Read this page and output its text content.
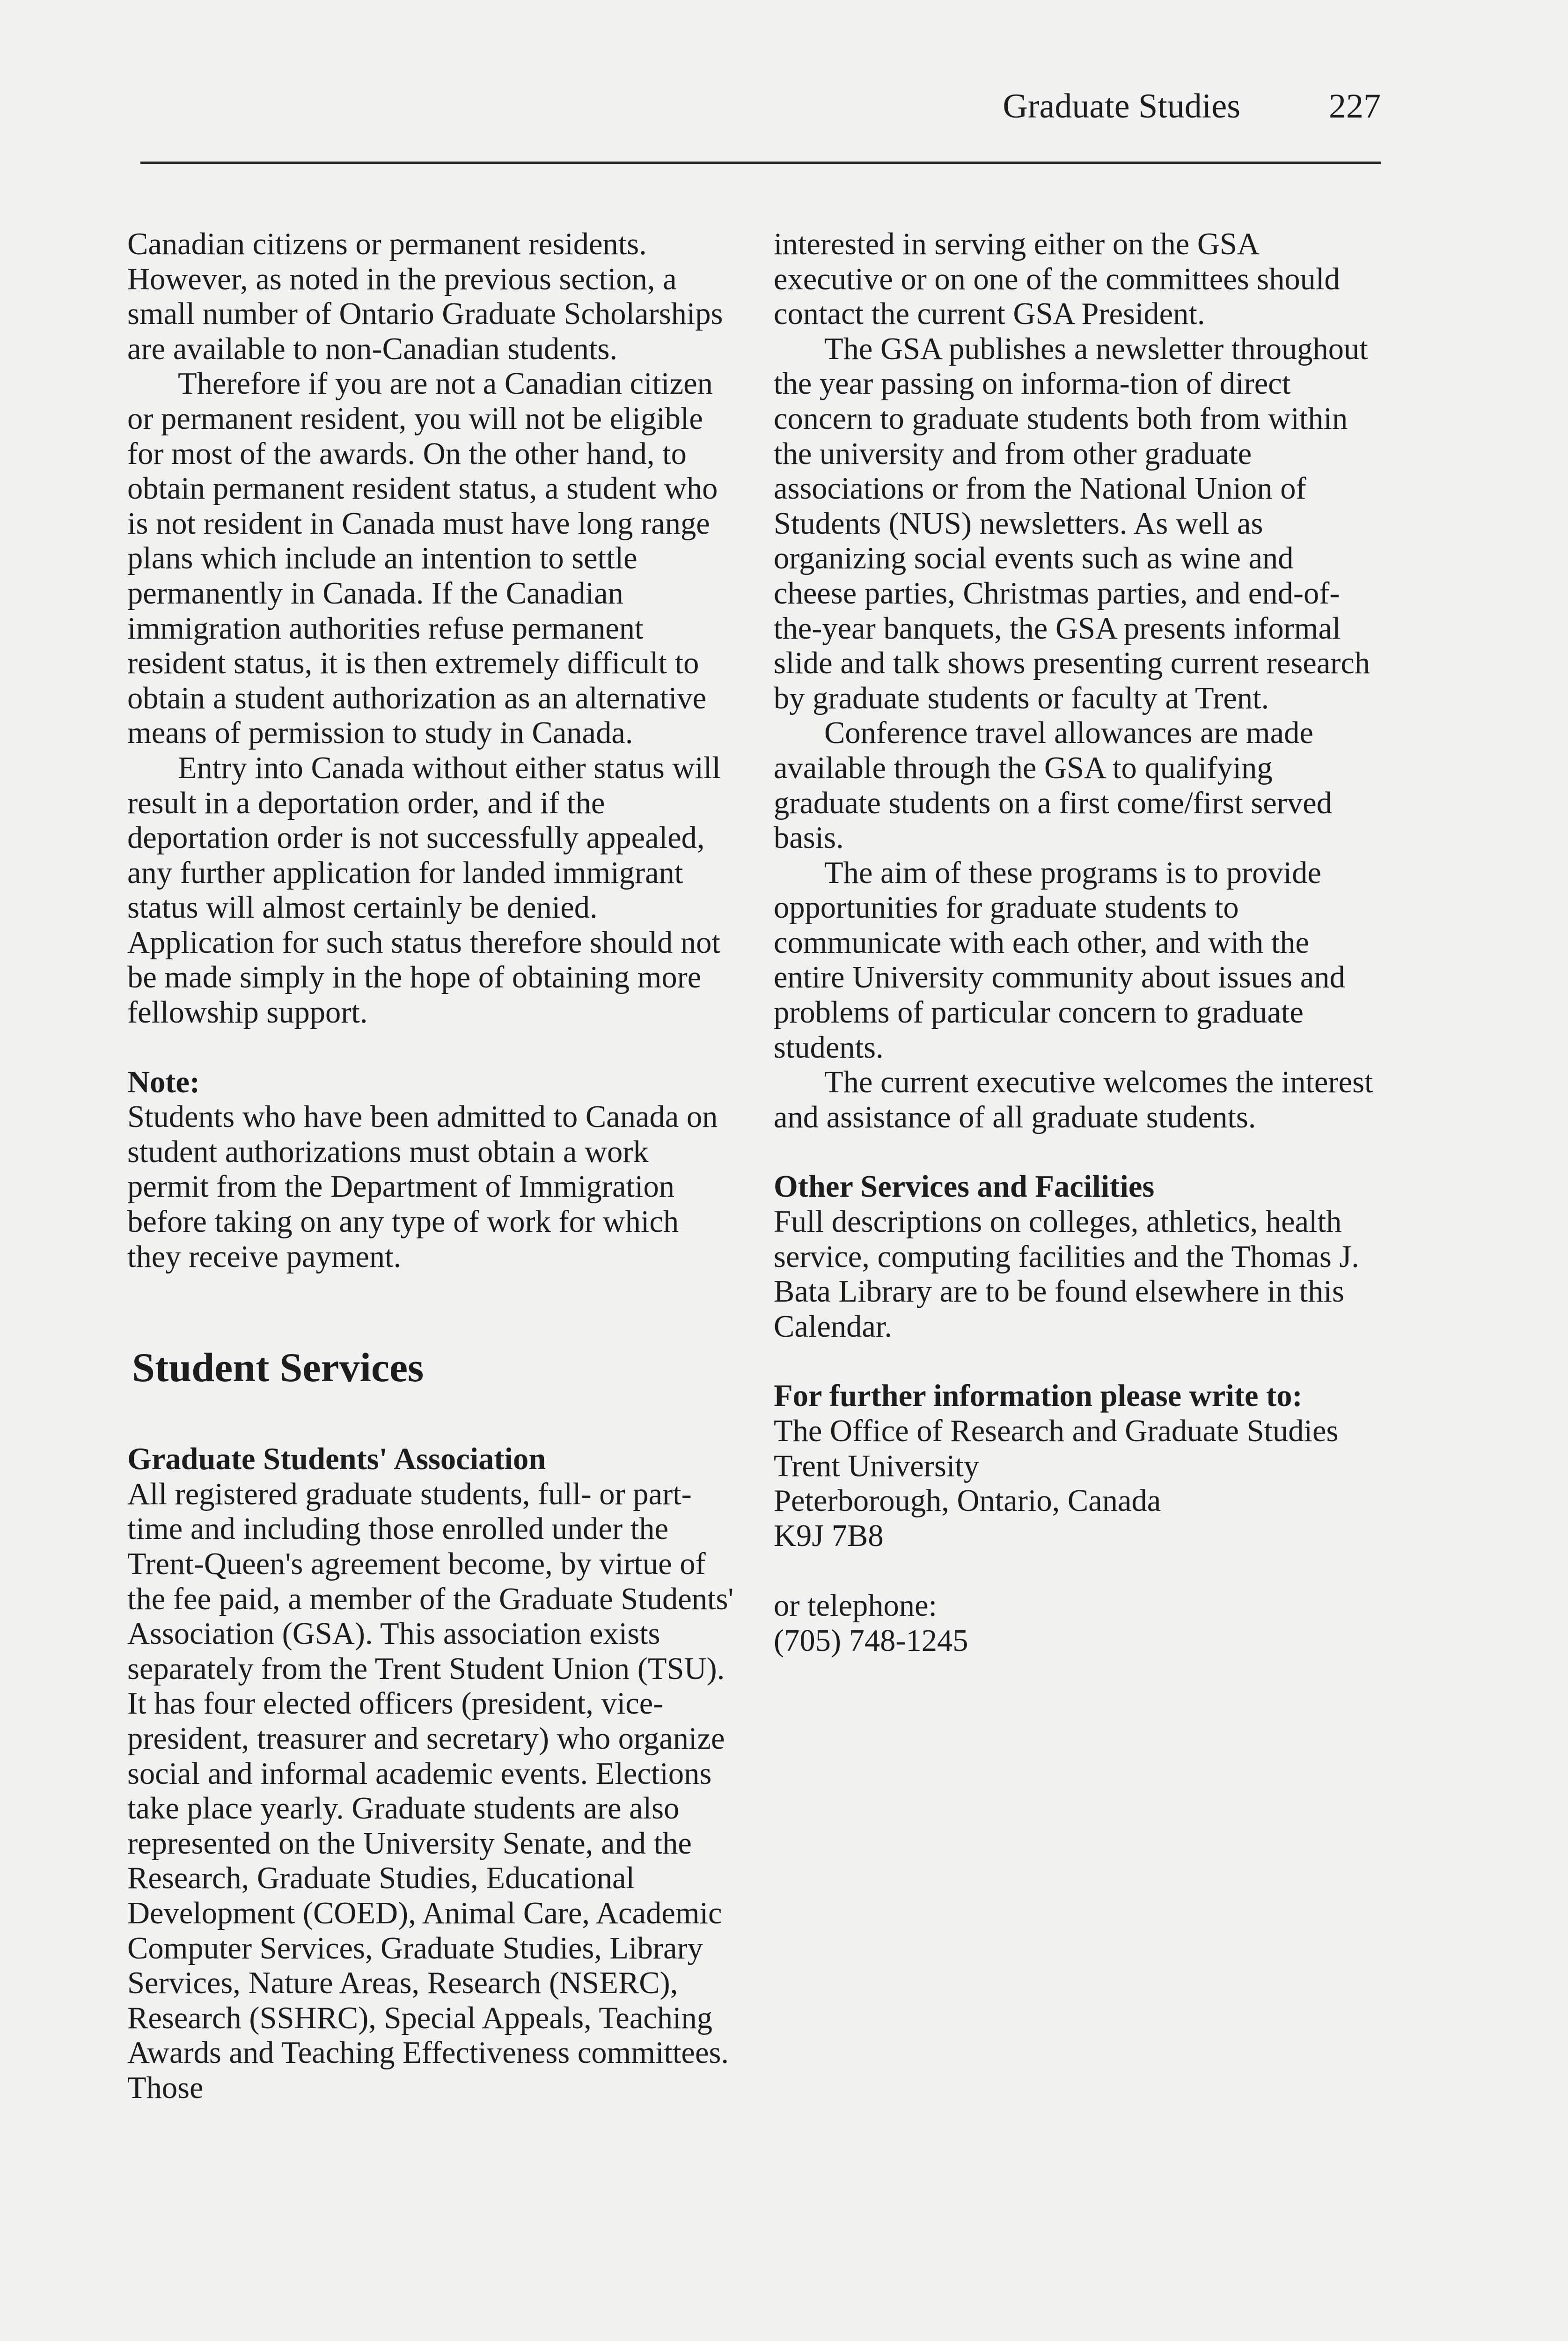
Graduate Studies	227

Canadian citizens or permanent residents. However, as noted in the previous section, a small number of Ontario Graduate Scholarships are available to non-Canadian students.

Therefore if you are not a Canadian citizen or permanent resident, you will not be eligible for most of the awards. On the other hand, to obtain permanent resident status, a student who is not resident in Canada must have long range plans which include an intention to settle permanently in Canada. If the Canadian immigration authorities refuse permanent resident status, it is then extremely difficult to obtain a student authorization as an alternative means of permission to study in Canada.

Entry into Canada without either status will result in a deportation order, and if the deportation order is not successfully appealed, any further application for landed immigrant status will almost certainly be denied. Application for such status therefore should not be made simply in the hope of obtaining more fellowship support.

Note:

Students who have been admitted to Canada on student authorizations must obtain a work permit from the Department of Immigration before taking on any type of work for which they receive payment.

Student Services

Graduate Students' Association

All registered graduate students, full- or part-time and including those enrolled under the Trent-Queen's agreement become, by virtue of the fee paid, a member of the Graduate Students' Association (GSA). This association exists separately from the Trent Student Union (TSU). It has four elected officers (president, vice-president, treasurer and secretary) who organize social and informal academic events. Elections take place yearly. Graduate students are also represented on the University Senate, and the Research, Graduate Studies, Educational Development (COED), Animal Care, Academic Computer Services, Graduate Studies, Library Services, Nature Areas, Research (NSERC), Research (SSHRC), Special Appeals, Teaching Awards and Teaching Effectiveness committees. Those

interested in serving either on the GSA executive or on one of the committees should contact the current GSA President.

The GSA publishes a newsletter throughout the year passing on informa-tion of direct concern to graduate students both from within the university and from other graduate associations or from the National Union of Students (NUS) newsletters. As well as organizing social events such as wine and cheese parties, Christmas parties, and end-of-the-year banquets, the GSA presents informal slide and talk shows presenting current research by graduate students or faculty at Trent.

Conference travel allowances are made available through the GSA to qualifying graduate students on a first come/first served basis.

The aim of these programs is to provide opportunities for graduate students to communicate with each other, and with the entire University community about issues and problems of particular concern to graduate students.

The current executive welcomes the interest and assistance of all graduate students.

Other Services and Facilities

Full descriptions on colleges, athletics, health service, computing facilities and the Thomas J. Bata Library are to be found elsewhere in this Calendar.

For further information please write to:

The Office of Research and Graduate Studies
Trent University
Peterborough, Ontario, Canada
K9J 7B8

or telephone:

(705) 748-1245
